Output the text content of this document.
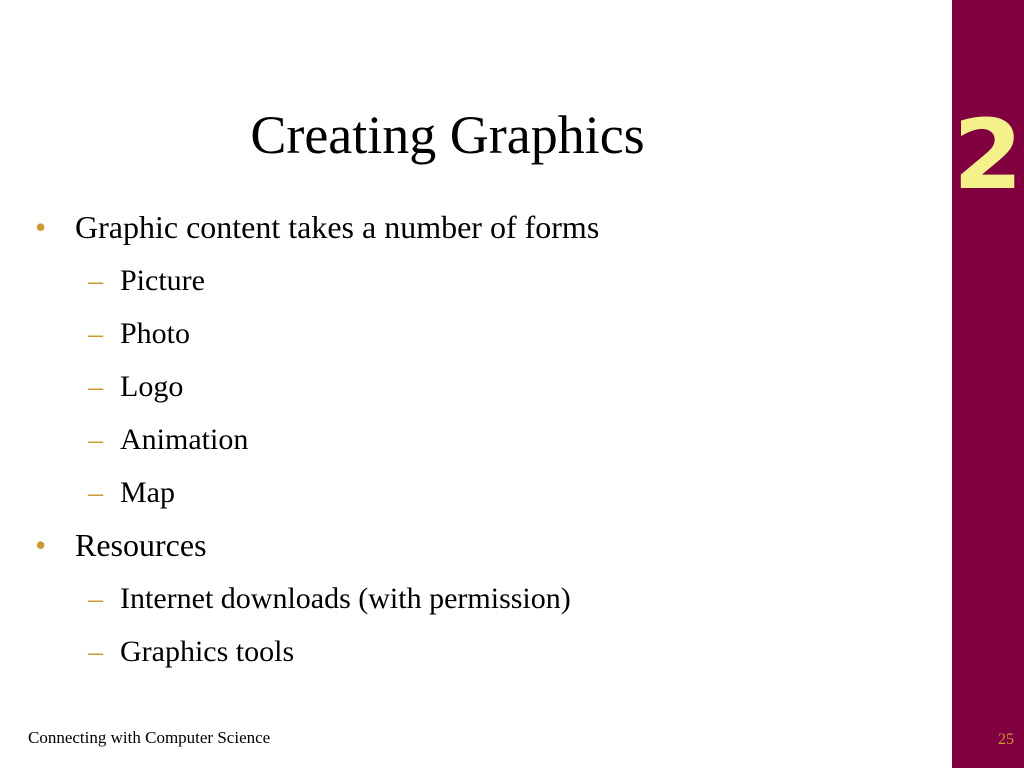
2
Creating Graphics
• Graphic content takes a number of forms
– Picture
– Photo
– Logo
– Animation
– Map
• Resources
– Internet downloads (with permission)
– Graphics tools
Connecting with Computer Science	25
